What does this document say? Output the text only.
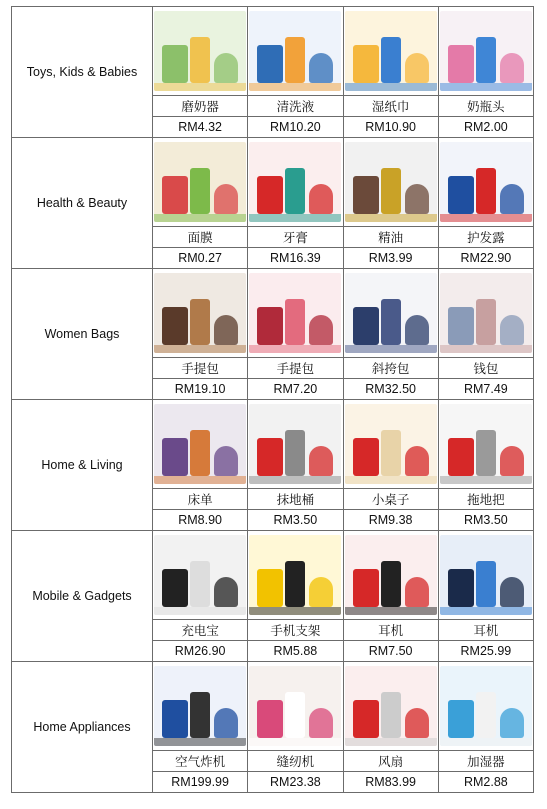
Toys, Kids & Babies	

	磨奶器	清洗液	湿纸巾	奶瓶头
	RM4.32	RM10.20	RM10.90	RM2.00
Health & Beauty	

	面膜	牙膏	精油	护发露
	RM0.27	RM16.39	RM3.99	RM22.90
Women Bags	

	手提包	手提包	斜挎包	钱包
	RM19.10	RM7.20	RM32.50	RM7.49
Home & Living	

	床单	抹地桶	小桌子	拖地把
	RM8.90	RM3.50	RM9.38	RM3.50
Mobile & Gadgets	

	充电宝	手机支架	耳机	耳机
	RM26.90	RM5.88	RM7.50	RM25.99
Home Appliances	

	空气炸机	缝纫机	风扇	加湿器
	RM199.99	RM23.38	RM83.99	RM2.88
